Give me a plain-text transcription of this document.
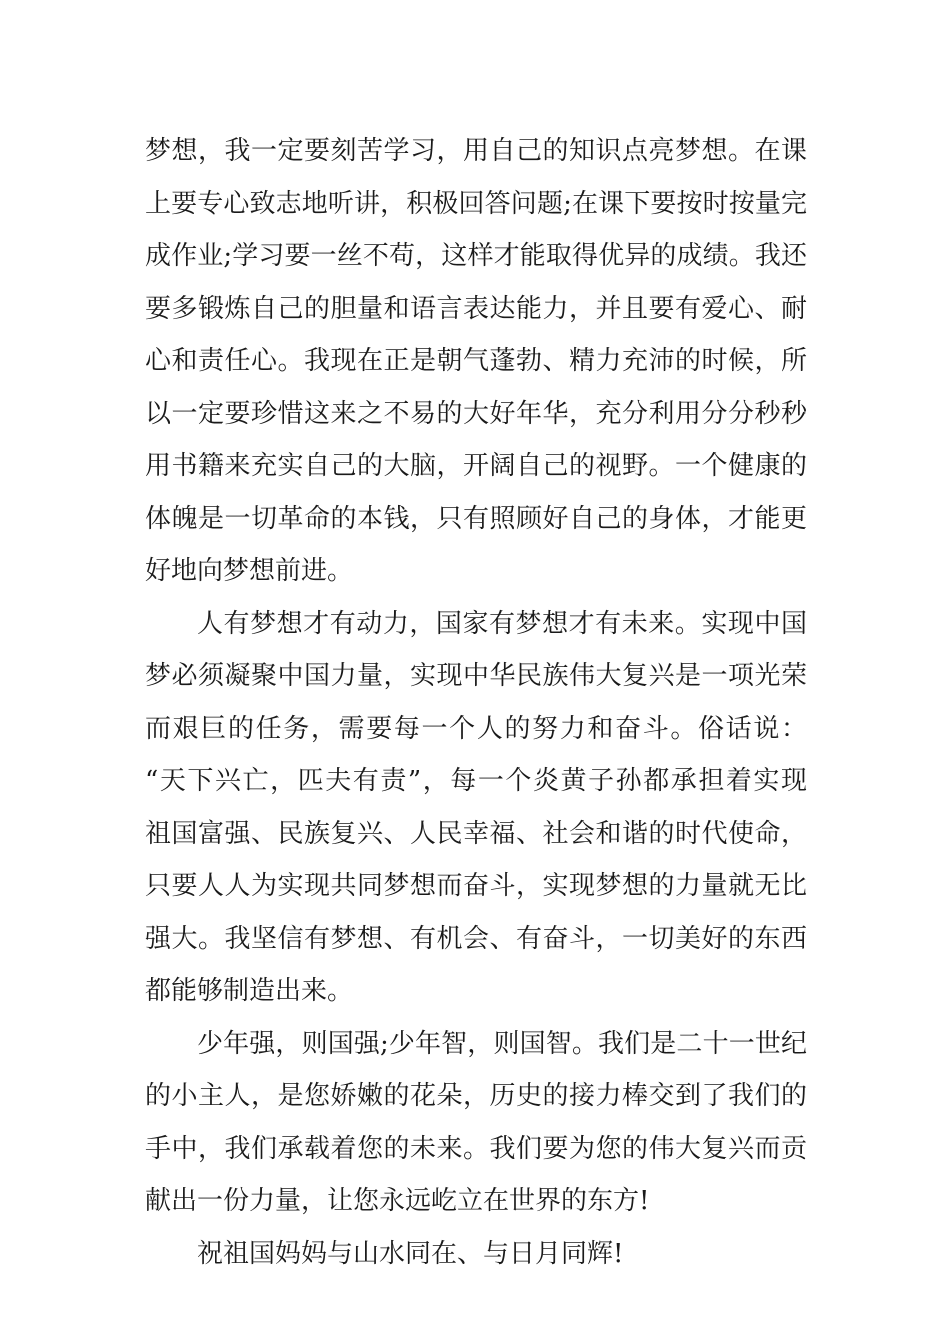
梦想，我一定要刻苦学习，用自己的知识点亮梦想。在课
上要专心致志地听讲，积极回答问题;在课下要按时按量完
成作业;学习要一丝不苟，这样才能取得优异的成绩。我还
要多锻炼自己的胆量和语言表达能力，并且要有爱心、耐
心和责任心。我现在正是朝气蓬勃、精力充沛的时候，所
以一定要珍惜这来之不易的大好年华，充分利用分分秒秒
用书籍来充实自己的大脑，开阔自己的视野。一个健康的
体魄是一切革命的本钱，只有照顾好自己的身体，才能更
好地向梦想前进。
人有梦想才有动力，国家有梦想才有未来。实现中国
梦必须凝聚中国力量，实现中华民族伟大复兴是一项光荣
而艰巨的任务，需要每一个人的努力和奋斗。俗话说：
“天下兴亡，匹夫有责”，每一个炎黄子孙都承担着实现
祖国富强、民族复兴、人民幸福、社会和谐的时代使命，
只要人人为实现共同梦想而奋斗，实现梦想的力量就无比
强大。我坚信有梦想、有机会、有奋斗，一切美好的东西
都能够制造出来。
少年强，则国强;少年智，则国智。我们是二十一世纪
的小主人，是您娇嫩的花朵，历史的接力棒交到了我们的
手中，我们承载着您的未来。我们要为您的伟大复兴而贡
献出一份力量，让您永远屹立在世界的东方!
祝祖国妈妈与山水同在、与日月同辉!
